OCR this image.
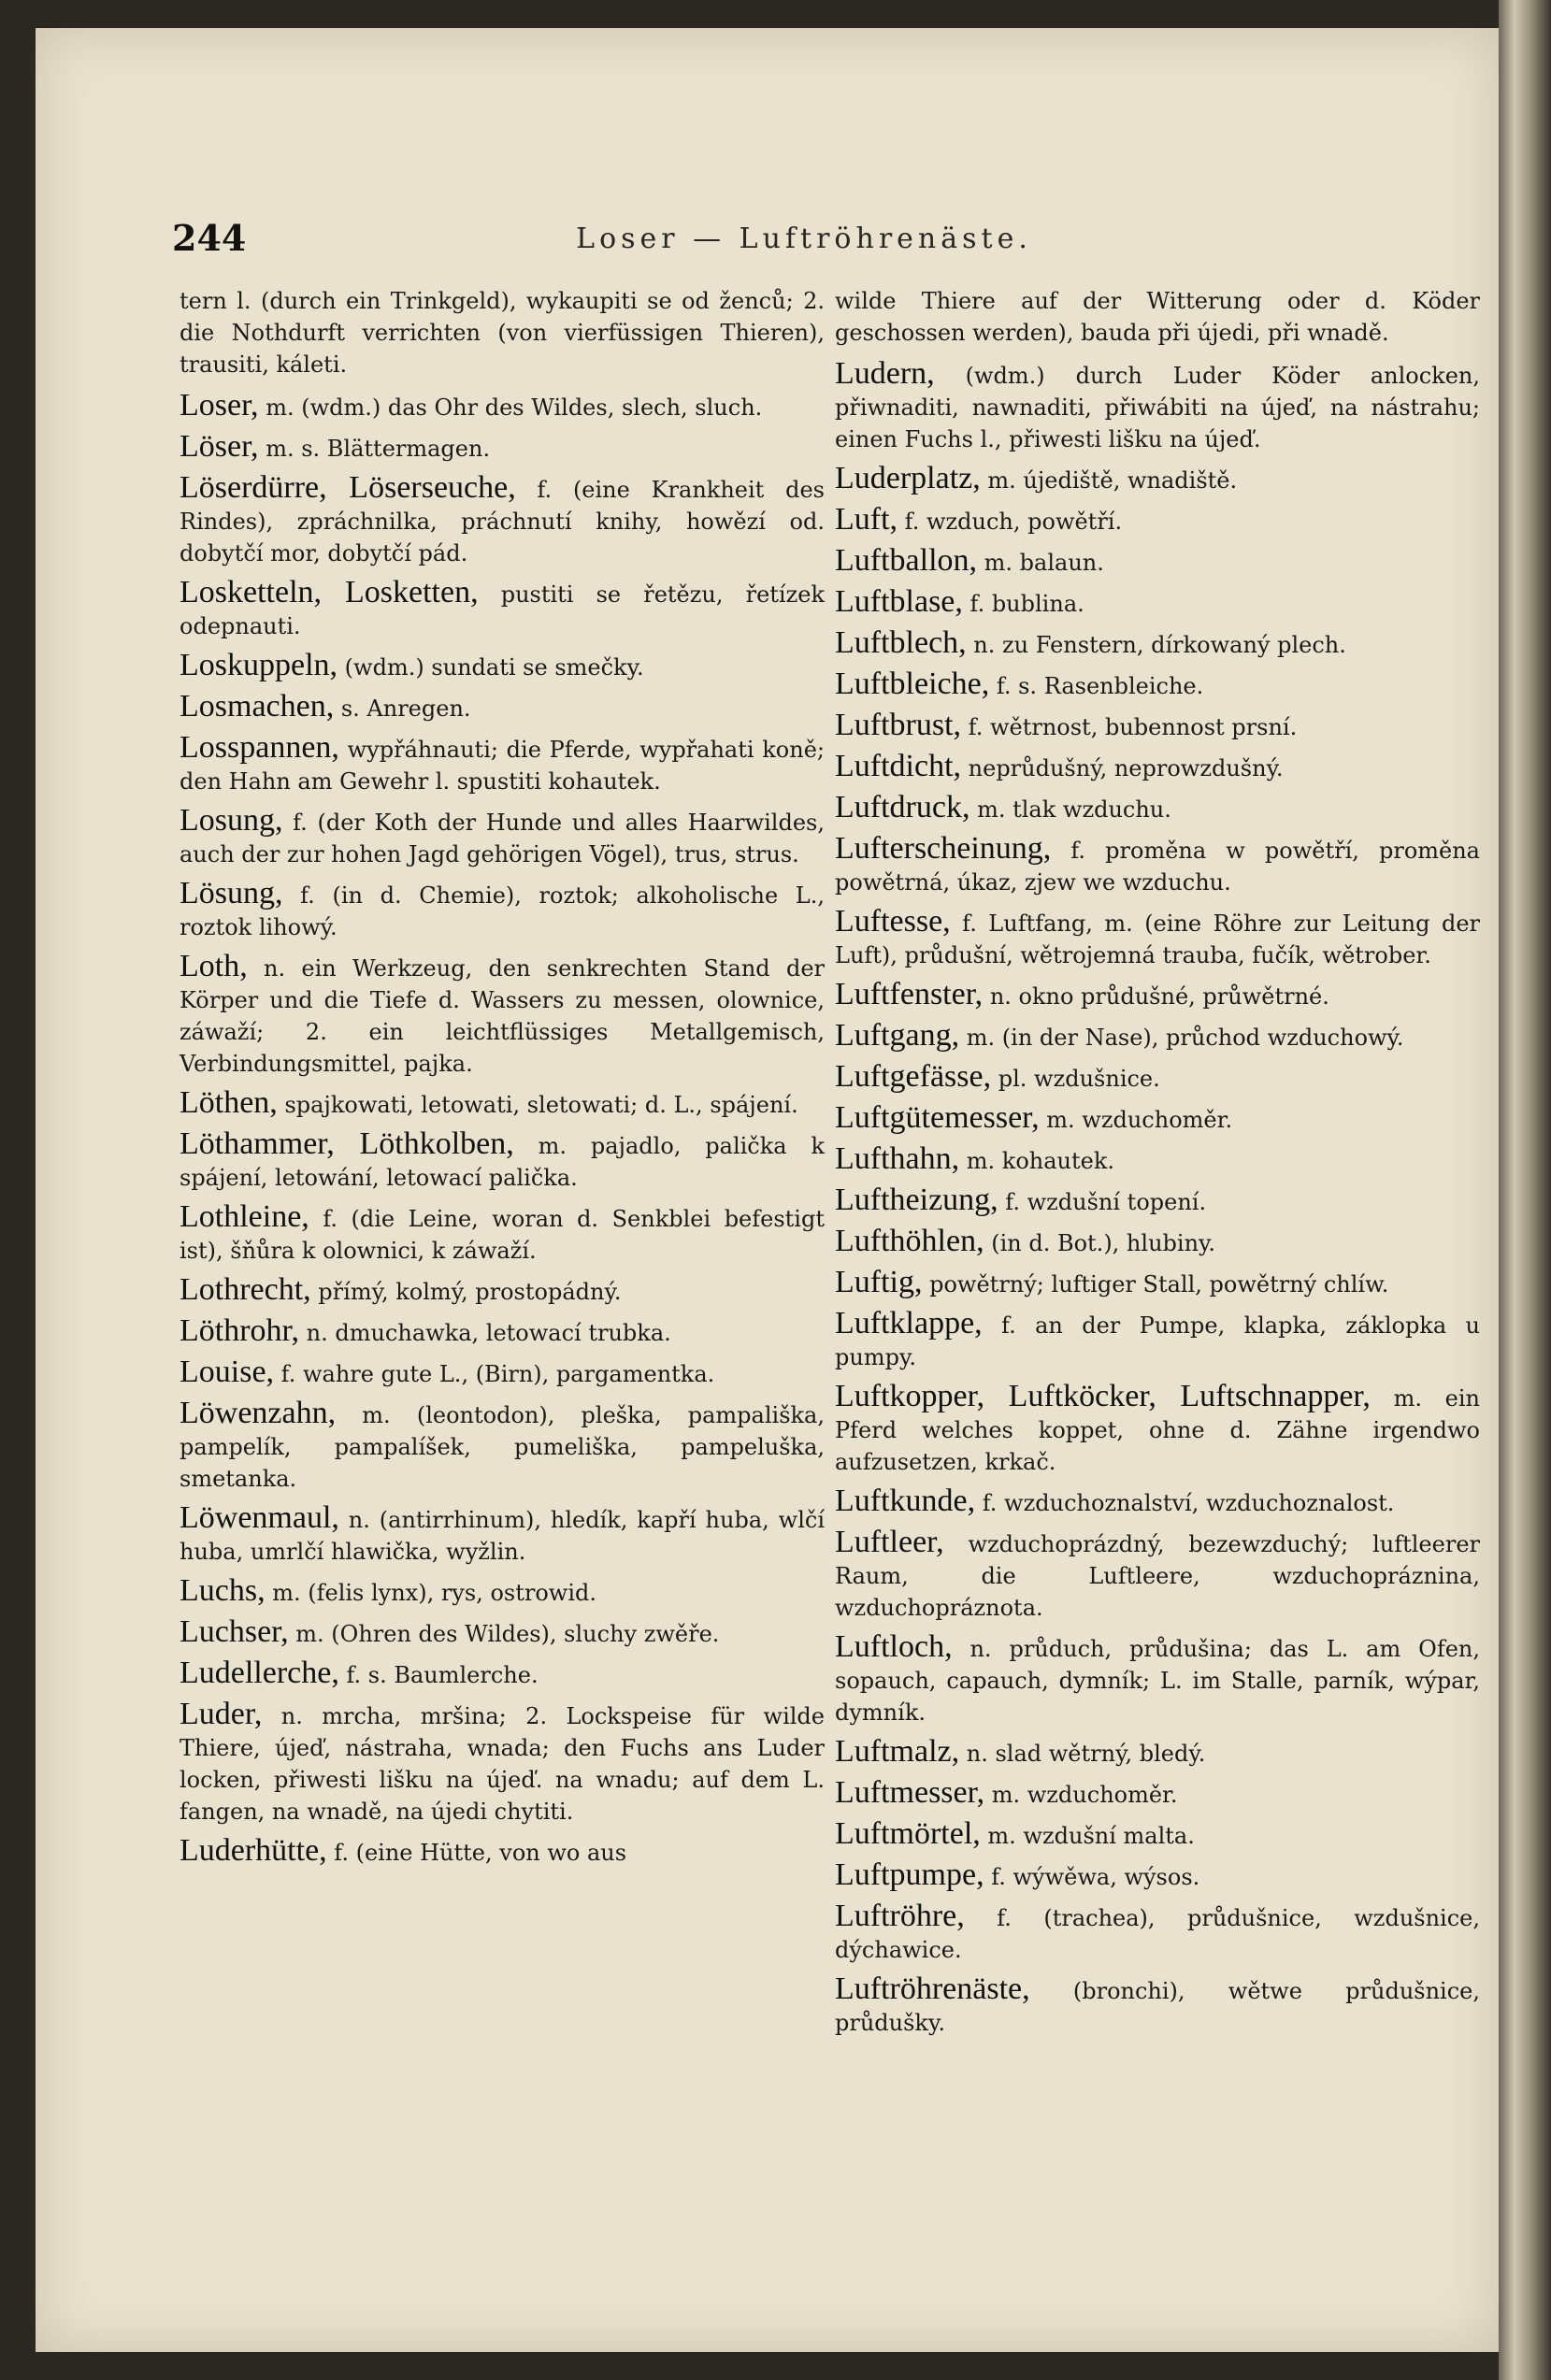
244	Loser — Luftröhrenäste.

tern l. (durch ein Trinkgeld), wykaupiti se od ženců; 2. die Nothdurft verrichten (von vierfüssigen Thieren), trausiti, káleti.

Loser, m. (wdm.) das Ohr des Wildes, slech, sluch.

Löser, m. s. Blättermagen.

Löserdürre, Löserseuche, f. (eine Krankheit des Rindes), zpráchnilka, práchnutí knihy, howězí od. dobytčí mor, dobytčí pád.

Losketteln, Losketten, pustiti se řetězu, řetízek odepnauti.

Loskuppeln, (wdm.) sundati se smečky.

Losmachen, s. Anregen.

Losspannen, wypřáhnauti; die Pferde, wypřahati koně; den Hahn am Gewehr l. spustiti kohautek.

Losung, f. (der Koth der Hunde und alles Haarwildes, auch der zur hohen Jagd gehörigen Vögel), trus, strus.

Lösung, f. (in d. Chemie), roztok; alkoholische L., roztok lihowý.

Loth, n. ein Werkzeug, den senkrechten Stand der Körper und die Tiefe d. Wassers zu messen, olownice, záwaží; 2. ein leichtflüssiges Metallgemisch, Verbindungsmittel, pajka.

Löthen, spajkowati, letowati, sletowati; d. L., spájení.

Löthammer, Löthkolben, m. pajadlo, palička k spájení, letowání, letowací palička.

Lothleine, f. (die Leine, woran d. Senkblei befestigt ist), šňůra k olownici, k záwaží.

Lothrecht, přímý, kolmý, prostopádný.

Löthrohr, n. dmuchawka, letowací trubka.

Louise, f. wahre gute L., (Birn), pargamentka.

Löwenzahn, m. (leontodon), pleška, pampališka, pampelík, pampalíšek, pumeliška, pampeluška, smetanka.

Löwenmaul, n. (antirrhinum), hledík, kapří huba, wlčí huba, umrlčí hlawička, wyžlin.

Luchs, m. (felis lynx), rys, ostrowid.

Luchser, m. (Ohren des Wildes), sluchy zwěře.

Ludellerche, f. s. Baumlerche.

Luder, n. mrcha, mršina; 2. Lockspeise für wilde Thiere, újeď, nástraha, wnada; den Fuchs ans Luder locken, přiwesti lišku na újeď. na wnadu; auf dem L. fangen, na wnadě, na újedi chytiti.

Luderhütte, f. (eine Hütte, von wo aus

wilde Thiere auf der Witterung oder d. Köder geschossen werden), bauda při újedi, při wnadě.

Ludern, (wdm.) durch Luder Köder anlocken, přiwnaditi, nawnaditi, přiwábiti na újeď, na nástrahu; einen Fuchs l., přiwesti lišku na újeď.

Luderplatz, m. újediště, wnadiště.

Luft, f. wzduch, powětří.

Luftballon, m. balaun.

Luftblase, f. bublina.

Luftblech, n. zu Fenstern, dírkowaný plech.

Luftbleiche, f. s. Rasenbleiche.

Luftbrust, f. wětrnost, bubennost prsní.

Luftdicht, neprůdušný, neprowzdušný.

Luftdruck, m. tlak wzduchu.

Lufterscheinung, f. proměna w powětří, proměna powětrná, úkaz, zjew we wzduchu.

Luftesse, f. Luftfang, m. (eine Röhre zur Leitung der Luft), průdušní, wětrojemná trauba, fučík, wětrober.

Luftfenster, n. okno průdušné, průwětrné.

Luftgang, m. (in der Nase), průchod wzduchowý.

Luftgefässe, pl. wzdušnice.

Luftgütemesser, m. wzduchoměr.

Lufthahn, m. kohautek.

Luftheizung, f. wzdušní topení.

Lufthöhlen, (in d. Bot.), hlubiny.

Luftig, powětrný; luftiger Stall, powětrný chlíw.

Luftklappe, f. an der Pumpe, klapka, záklopka u pumpy.

Luftkopper, Luftköcker, Luftschnapper, m. ein Pferd welches koppet, ohne d. Zähne irgendwo aufzusetzen, krkač.

Luftkunde, f. wzduchoznalství, wzduchoznalost.

Luftleer, wzduchoprázdný, bezewzduchý; luftleerer Raum, die Luftleere, wzduchopráznina, wzduchopráznota.

Luftloch, n. průduch, průdušina; das L. am Ofen, sopauch, capauch, dymník; L. im Stalle, parník, wýpar, dymník.

Luftmalz, n. slad wětrný, bledý.

Luftmesser, m. wzduchoměr.

Luftmörtel, m. wzdušní malta.

Luftpumpe, f. wýwěwa, wýsos.

Luftröhre, f. (trachea), průdušnice, wzdušnice, dýchawice.

Luftröhrenäste, (bronchi), wětwe průdušnice, průdušky.
